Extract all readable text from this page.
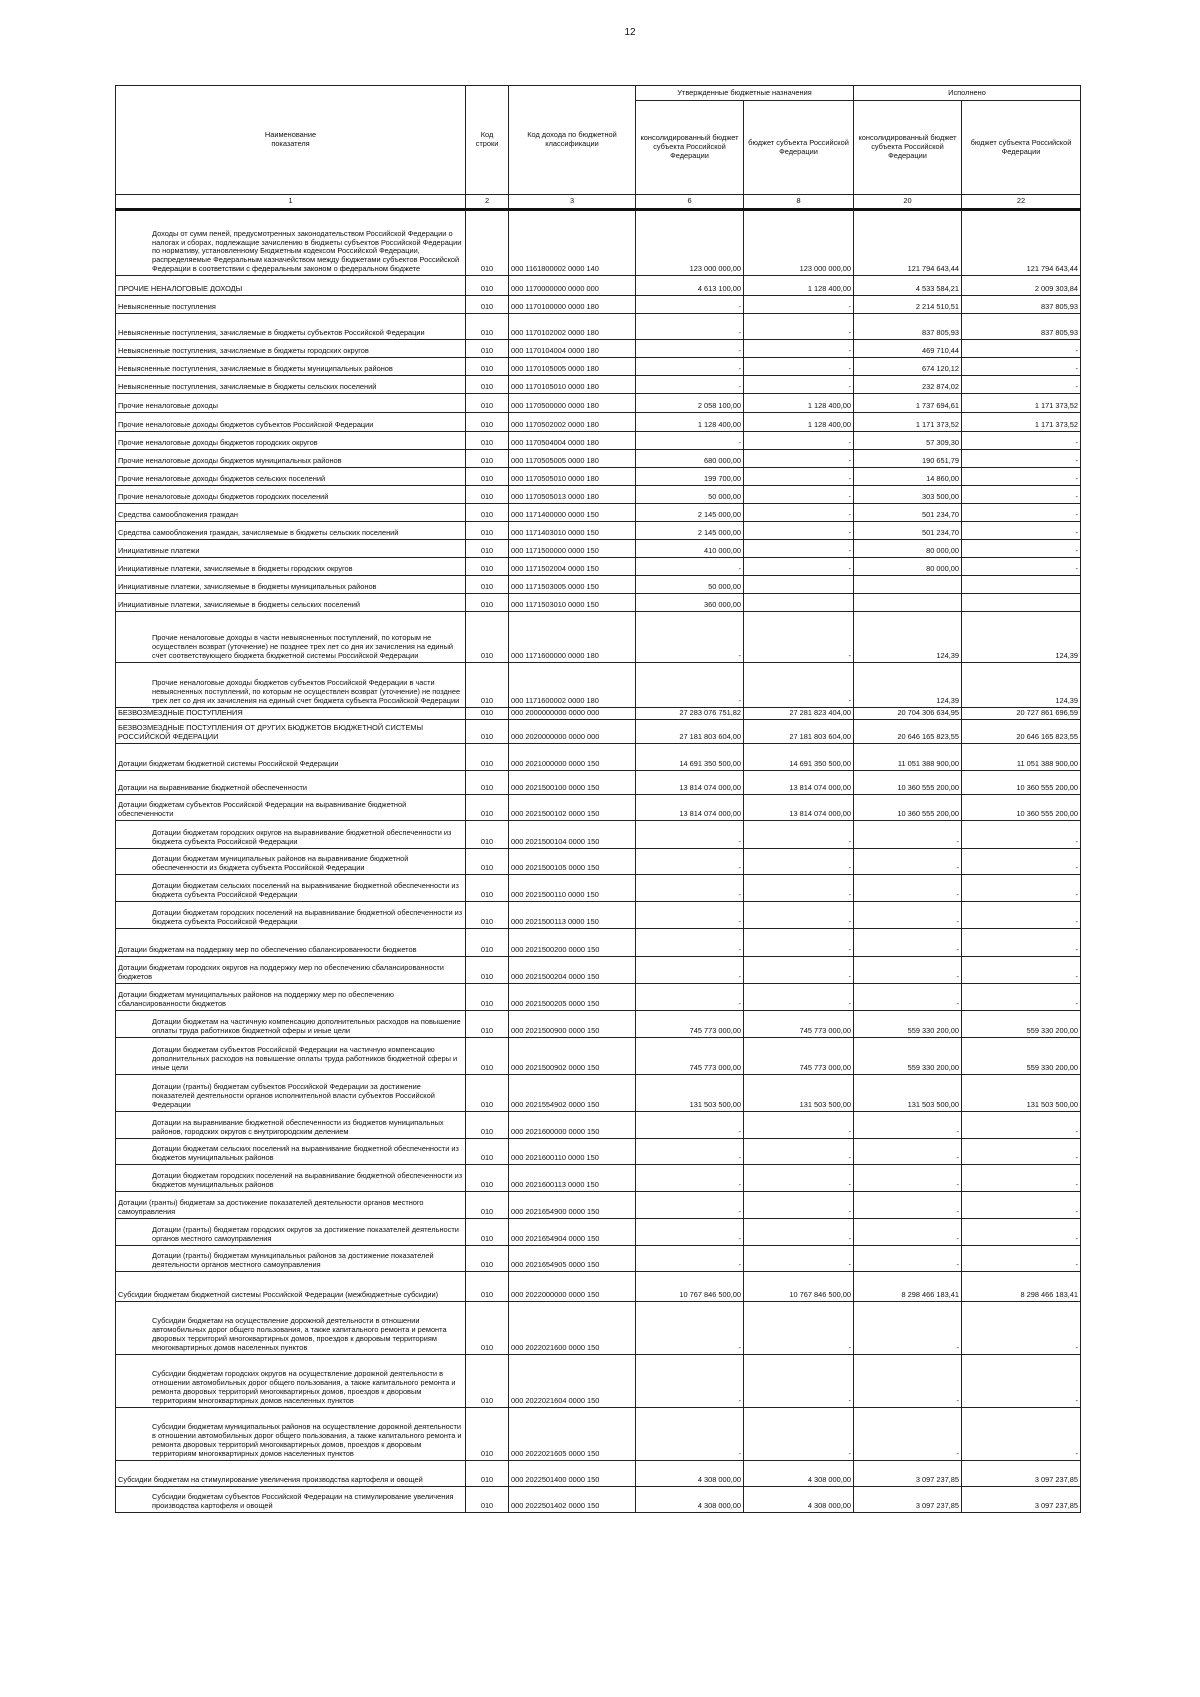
12
Наименование показателя	Код строки	Код дохода по бюджетной классификации	Утвержденные бюджетные назначения		Исполнено	
			консолидированный бюджет субъекта Российской Федерации	бюджет субъекта Российской Федерации	консолидированный бюджет субъекта Российской Федерации	бюджет субъекта Российской Федерации
1	2	3	6	8	20	22
Доходы от сумм пеней, предусмотренных законодательством Российской Федерации о налогах и сборах, подлежащие зачислению в бюджеты субъектов Российской Федерации по нормативу, установленному Бюджетным кодексом Российской Федерации, распределяемые Федеральным казначейством между бюджетами субъектов Российской Федерации в соответствии с федеральным законом о федеральном бюджете	010	000 1161800002 0000 140	123 000 000,00	123 000 000,00	121 794 643,44	121 794 643,44
ПРОЧИЕ НЕНАЛОГОВЫЕ ДОХОДЫ	010	000 1170000000 0000 000	4 613 100,00	1 128 400,00	4 533 584,21	2 009 303,84
Невыясненные поступления	010	000 1170100000 0000 180	-	-	2 214 510,51	837 805,93
Невыясненные поступления, зачисляемые в бюджеты субъектов Российской Федерации	010	000 1170102002 0000 180	-	-	837 805,93	837 805,93
Невыясненные поступления, зачисляемые в бюджеты городских округов	010	000 1170104004 0000 180	-	-	469 710,44	-
Невыясненные поступления, зачисляемые в бюджеты муниципальных районов	010	000 1170105005 0000 180	-	-	674 120,12	-
Невыясненные поступления, зачисляемые в бюджеты сельских поселений	010	000 1170105010 0000 180	-	-	232 874,02	-
Прочие неналоговые доходы	010	000 1170500000 0000 180	2 058 100,00	1 128 400,00	1 737 694,61	1 171 373,52
Прочие неналоговые доходы бюджетов субъектов Российской Федерации	010	000 1170502002 0000 180	1 128 400,00	1 128 400,00	1 171 373,52	1 171 373,52
Прочие неналоговые доходы бюджетов городских округов	010	000 1170504004 0000 180	-	-	57 309,30	-
Прочие неналоговые доходы бюджетов муниципальных районов	010	000 1170505005 0000 180	680 000,00	-	190 651,79	-
Прочие неналоговые доходы бюджетов сельских поселений	010	000 1170505010 0000 180	199 700,00	-	14 860,00	-
Прочие неналоговые доходы бюджетов городских поселений	010	000 1170505013 0000 180	50 000,00	-	303 500,00	-
Средства самообложения граждан	010	000 1171400000 0000 150	2 145 000,00	-	501 234,70	-
Средства самообложения граждан, зачисляемые в бюджеты сельских поселений	010	000 1171403010 0000 150	2 145 000,00	-	501 234,70	-
Инициативные платежи	010	000 1171500000 0000 150	410 000,00	-	80 000,00	-
Инициативные платежи, зачисляемые в бюджеты городских округов	010	000 1171502004 0000 150	-	-	80 000,00	-
Инициативные платежи, зачисляемые в бюджеты муниципальных районов	010	000 1171503005 0000 150	50 000,00			
Инициативные платежи, зачисляемые в бюджеты сельских поселений	010	000 1171503010 0000 150	360 000,00			
Прочие неналоговые доходы в части невыясненных поступлений, по которым не осуществлен возврат (уточнение) не позднее трех лет со дня их зачисления на единый счет соответствующего бюджета бюджетной системы Российской Федерации	010	000 1171600000 0000 180	-	-	124,39	124,39
Прочие неналоговые доходы бюджетов субъектов Российской Федерации в части невыясненных поступлений, по которым не осуществлен возврат (уточнение) не позднее трех лет со дня их зачисления на единый счет бюджета субъекта Российской Федерации	010	000 1171600002 0000 180	-	-	124,39	124,39
БЕЗВОЗМЕЗДНЫЕ ПОСТУПЛЕНИЯ	010	000 2000000000 0000 000	27 283 076 751,82	27 281 823 404,00	20 704 306 634,95	20 727 861 696,59
БЕЗВОЗМЕЗДНЫЕ ПОСТУПЛЕНИЯ ОТ ДРУГИХ БЮДЖЕТОВ БЮДЖЕТНОЙ СИСТЕМЫ РОССИЙСКОЙ ФЕДЕРАЦИИ	010	000 2020000000 0000 000	27 181 803 604,00	27 181 803 604,00	20 646 165 823,55	20 646 165 823,55
Дотации бюджетам бюджетной системы Российской Федерации	010	000 2021000000 0000 150	14 691 350 500,00	14 691 350 500,00	11 051 388 900,00	11 051 388 900,00
Дотации на выравнивание бюджетной обеспеченности	010	000 2021500100 0000 150	13 814 074 000,00	13 814 074 000,00	10 360 555 200,00	10 360 555 200,00
Дотации бюджетам субъектов Российской Федерации на выравнивание бюджетной обеспеченности	010	000 2021500102 0000 150	13 814 074 000,00	13 814 074 000,00	10 360 555 200,00	10 360 555 200,00
Дотации бюджетам городских округов на выравнивание бюджетной обеспеченности из бюджета субъекта Российской Федерации	010	000 2021500104 0000 150	-	-	-	-
Дотации бюджетам муниципальных районов на выравнивание бюджетной обеспеченности из бюджета субъекта Российской Федерации	010	000 2021500105 0000 150	-	-	-	-
Дотации бюджетам сельских поселений на выравнивание бюджетной обеспеченности из бюджета субъекта Российской Федерации	010	000 2021500110 0000 150	-	-	-	-
Дотации бюджетам городских поселений на выравнивание бюджетной обеспеченности из бюджета субъекта Российской Федерации	010	000 2021500113 0000 150	-	-	-	-
Дотации бюджетам на поддержку мер по обеспечению сбалансированности бюджетов	010	000 2021500200 0000 150	-	-	-	-
Дотации бюджетам городских округов на поддержку мер по обеспечению сбалансированности бюджетов	010	000 2021500204 0000 150	-	-	-	-
Дотации бюджетам муниципальных районов на поддержку мер по обеспечению сбалансированности бюджетов	010	000 2021500205 0000 150	-	-	-	-
Дотации бюджетам на частичную компенсацию дополнительных расходов на повышение оплаты труда работников бюджетной сферы и иные цели	010	000 2021500900 0000 150	745 773 000,00	745 773 000,00	559 330 200,00	559 330 200,00
Дотации бюджетам субъектов Российской Федерации на частичную компенсацию дополнительных расходов на повышение оплаты труда работников бюджетной сферы и иные цели	010	000 2021500902 0000 150	745 773 000,00	745 773 000,00	559 330 200,00	559 330 200,00
Дотации (гранты) бюджетам субъектов Российской Федерации за достижение показателей деятельности органов исполнительной власти субъектов Российской Федерации	010	000 2021554902 0000 150	131 503 500,00	131 503 500,00	131 503 500,00	131 503 500,00
Дотации на выравнивание бюджетной обеспеченности из бюджетов муниципальных районов, городских округов с внутригородским делением	010	000 2021600000 0000 150	-	-	-	-
Дотации бюджетам сельских поселений на выравнивание бюджетной обеспеченности из бюджетов муниципальных районов	010	000 2021600110 0000 150	-	-	-	-
Дотации бюджетам городских поселений на выравнивание бюджетной обеспеченности из бюджетов муниципальных районов	010	000 2021600113 0000 150	-	-	-	-
Дотации (гранты) бюджетам за достижение показателей деятельности органов местного самоуправления	010	000 2021654900 0000 150	-	-	-	-
Дотации (гранты) бюджетам городских округов за достижение показателей деятельности органов местного самоуправления	010	000 2021654904 0000 150	-	-	-	-
Дотации (гранты) бюджетам муниципальных районов за достижение показателей деятельности органов местного самоуправления	010	000 2021654905 0000 150	-	-	-	-
Субсидии бюджетам бюджетной системы Российской Федерации (межбюджетные субсидии)	010	000 2022000000 0000 150	10 767 846 500,00	10 767 846 500,00	8 298 466 183,41	8 298 466 183,41
Субсидии бюджетам на осуществление дорожной деятельности в отношении автомобильных дорог общего пользования, а также капитального ремонта и ремонта дворовых территорий многоквартирных домов, проездов к дворовым территориям многоквартирных домов населенных пунктов	010	000 2022021600 0000 150	-	-	-	-
Субсидии бюджетам городских округов на осуществление дорожной деятельности в отношении автомобильных дорог общего пользования, а также капитального ремонта и ремонта дворовых территорий многоквартирных домов, проездов к дворовым территориям многоквартирных домов населенных пунктов	010	000 2022021604 0000 150	-	-	-	-
Субсидии бюджетам муниципальных районов на осуществление дорожной деятельности в отношении автомобильных дорог общего пользования, а также капитального ремонта и ремонта дворовых территорий многоквартирных домов, проездов к дворовым территориям многоквартирных домов населенных пунктов	010	000 2022021605 0000 150	-	-	-	-
Субсидии бюджетам на стимулирование увеличения производства картофеля и овощей	010	000 2022501400 0000 150	4 308 000,00	4 308 000,00	3 097 237,85	3 097 237,85
Субсидии бюджетам субъектов Российской Федерации на стимулирование увеличения производства картофеля и овощей	010	000 2022501402 0000 150	4 308 000,00	4 308 000,00	3 097 237,85	3 097 237,85
